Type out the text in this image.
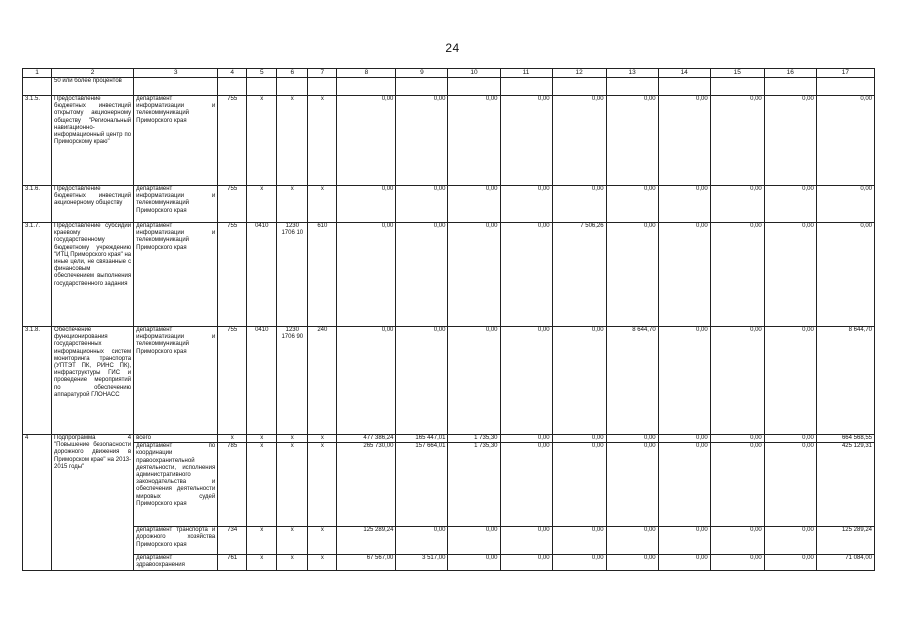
24
1	2	3	4	5	6	7	8	9	10	11	12	13	14	15	16	17
	50 или более процентов															
3.1.5.	Предоставление бюджетных инвестиций открытому акционерному обществу "Региональный навигационно-информационный центр по Приморскому краю"	департамент информатизации и телекоммуникаций Приморского края	755	х	х	х	0,00	0,00	0,00	0,00	0,00	0,00	0,00	0,00	0,00	0,00
3.1.6.	Предоставление бюджетных инвестиций акционерному обществу	департамент информатизации и телекоммуникаций Приморского края	755	х	х	х	0,00	0,00	0,00	0,00	0,00	0,00	0,00	0,00	0,00	0,00
3.1.7.	Предоставление субсидии краевому государственному бюджетному учреждению "ИТЦ Приморского края" на иные цели, не связанные с финансовым обеспечением выполнения государственного задания	департамент информатизации и телекоммуникаций Приморского края	755	0410	1230 1706 10	610	0,00	0,00	0,00	0,00	7 506,26	0,00	0,00	0,00	0,00	0,00
3.1.8.	Обеспечение функционирования государственных информационных систем мониторинга транспорта (УПТЭТ ПК, РИНС ПК), инфраструктуры ГИС и проведение мероприятий по обеспечению аппаратурой ГЛОНАСС	департамент информатизации и телекоммуникаций Приморского края	755	0410	1230 1706 90	240	0,00	0,00	0,00	0,00	0,00	8 644,70	0,00	0,00	0,00	8 644,70
4	Подпрограмма 4 "Повышение безопасности дорожного движения в Приморском крае" на 2013-2015 годы"	всего	х	х	х	х	477 386,24	165 447,01	1 735,30	0,00	0,00	0,00	0,00	0,00	0,00	664 568,55
		департамент по координации правоохранительной деятельности, исполнения административного законодательства и обеспечения деятельности мировых судей Приморского края	785	х	х	х	265 730,00	157 664,01	1 735,30	0,00	0,00	0,00	0,00	0,00	0,00	425 129,31
		департамент транспорта и дорожного хозяйства Приморского края	734	х	х	х	125 289,24	0,00	0,00	0,00	0,00	0,00	0,00	0,00	0,00	125 289,24
		департамент здравоохранения	761	х	х	х	67 567,00	3 517,00	0,00	0,00	0,00	0,00	0,00	0,00	0,00	71 084,00
